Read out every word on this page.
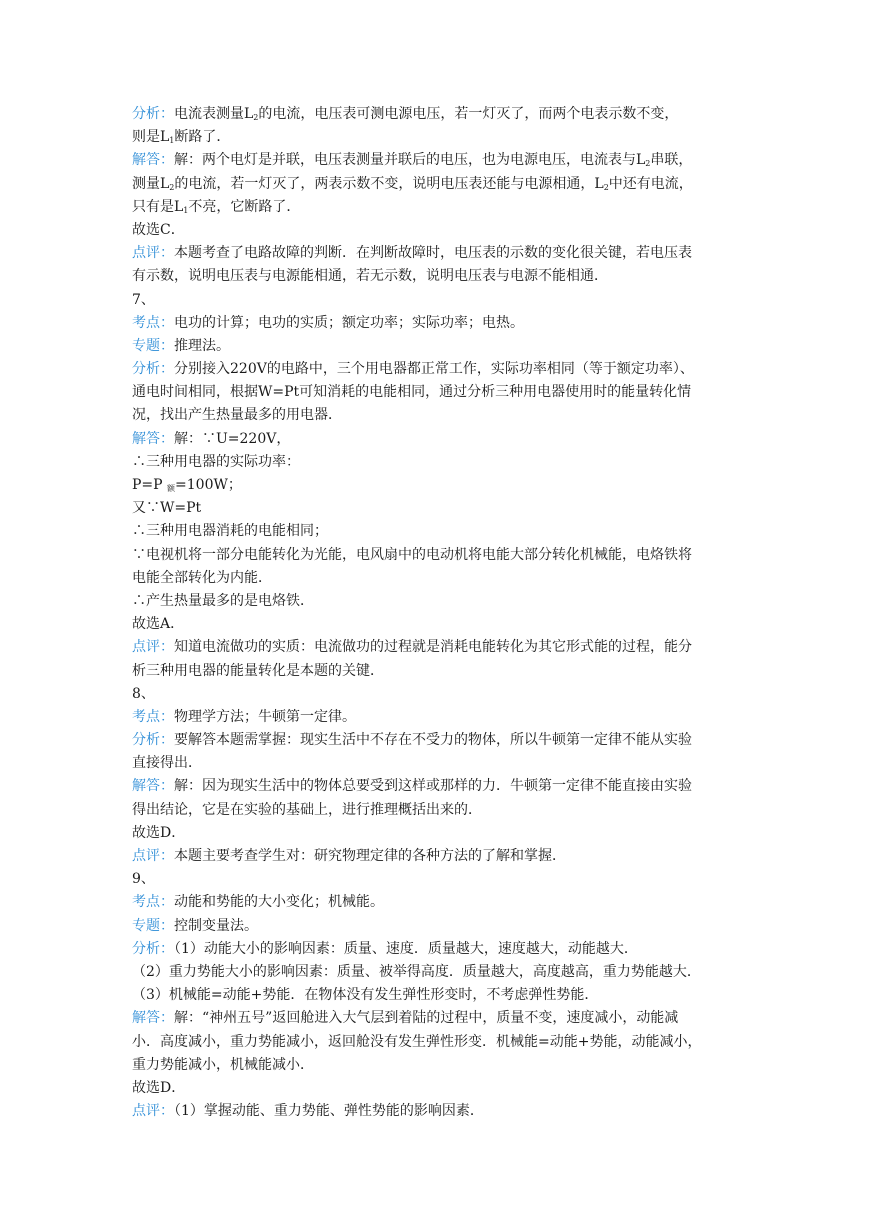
分析：电流表测量$L_2$的电流，电压表可测电源电压，若一灯灭了，而两个电表示数不变，
则是$L_1$断路了．
解答：解：两个电灯是并联，电压表测量并联后的电压，也为电源电压，电流表与$L_2$串联，
测量$L_2$的电流，若一灯灭了，两表示数不变，说明电压表还能与电源相通，$L_2$中还有电流，
只有是$L_1$不亮，它断路了．
故选C．
点评：本题考查了电路故障的判断．在判断故障时，电压表的示数的变化很关键，若电压表
有示数，说明电压表与电源能相通，若无示数，说明电压表与电源不能相通．
7、
考点：电功的计算；电功的实质；额定功率；实际功率；电热。
专题：推理法。
分析：分别接入220V的电路中，三个用电器都正常工作，实际功率相同（等于额定功率）、
通电时间相同，根据W=Pt可知消耗的电能相同，通过分析三种用电器使用时的能量转化情
况，找出产生热量最多的用电器．
解答：解：∵U=220V，
∴三种用电器的实际功率：
P=P $_额$=100W；
又∵W=Pt
∴三种用电器消耗的电能相同；
∵电视机将一部分电能转化为光能，电风扇中的电动机将电能大部分转化机械能，电烙铁将
电能全部转化为内能．
∴产生热量最多的是电烙铁．
故选A．
点评：知道电流做功的实质：电流做功的过程就是消耗电能转化为其它形式能的过程，能分
析三种用电器的能量转化是本题的关键．
8、
考点：物理学方法；牛顿第一定律。
分析：要解答本题需掌握：现实生活中不存在不受力的物体，所以牛顿第一定律不能从实验
直接得出．
解答：解：因为现实生活中的物体总要受到这样或那样的力．牛顿第一定律不能直接由实验
得出结论，它是在实验的基础上，进行推理概括出来的．
故选D．
点评：本题主要考查学生对：研究物理定律的各种方法的了解和掌握．
9、
考点：动能和势能的大小变化；机械能。
专题：控制变量法。
分析：（1）动能大小的影响因素：质量、速度．质量越大，速度越大，动能越大．
（2）重力势能大小的影响因素：质量、被举得高度．质量越大，高度越高，重力势能越大．
（3）机械能=动能+势能．在物体没有发生弹性形变时，不考虑弹性势能．
解答：解：“神州五号”返回舱进入大气层到着陆的过程中，质量不变，速度减小，动能减
小．高度减小，重力势能减小，返回舱没有发生弹性形变．机械能=动能+势能，动能减小，
重力势能减小，机械能减小．
故选D．
点评：（1）掌握动能、重力势能、弹性势能的影响因素．
